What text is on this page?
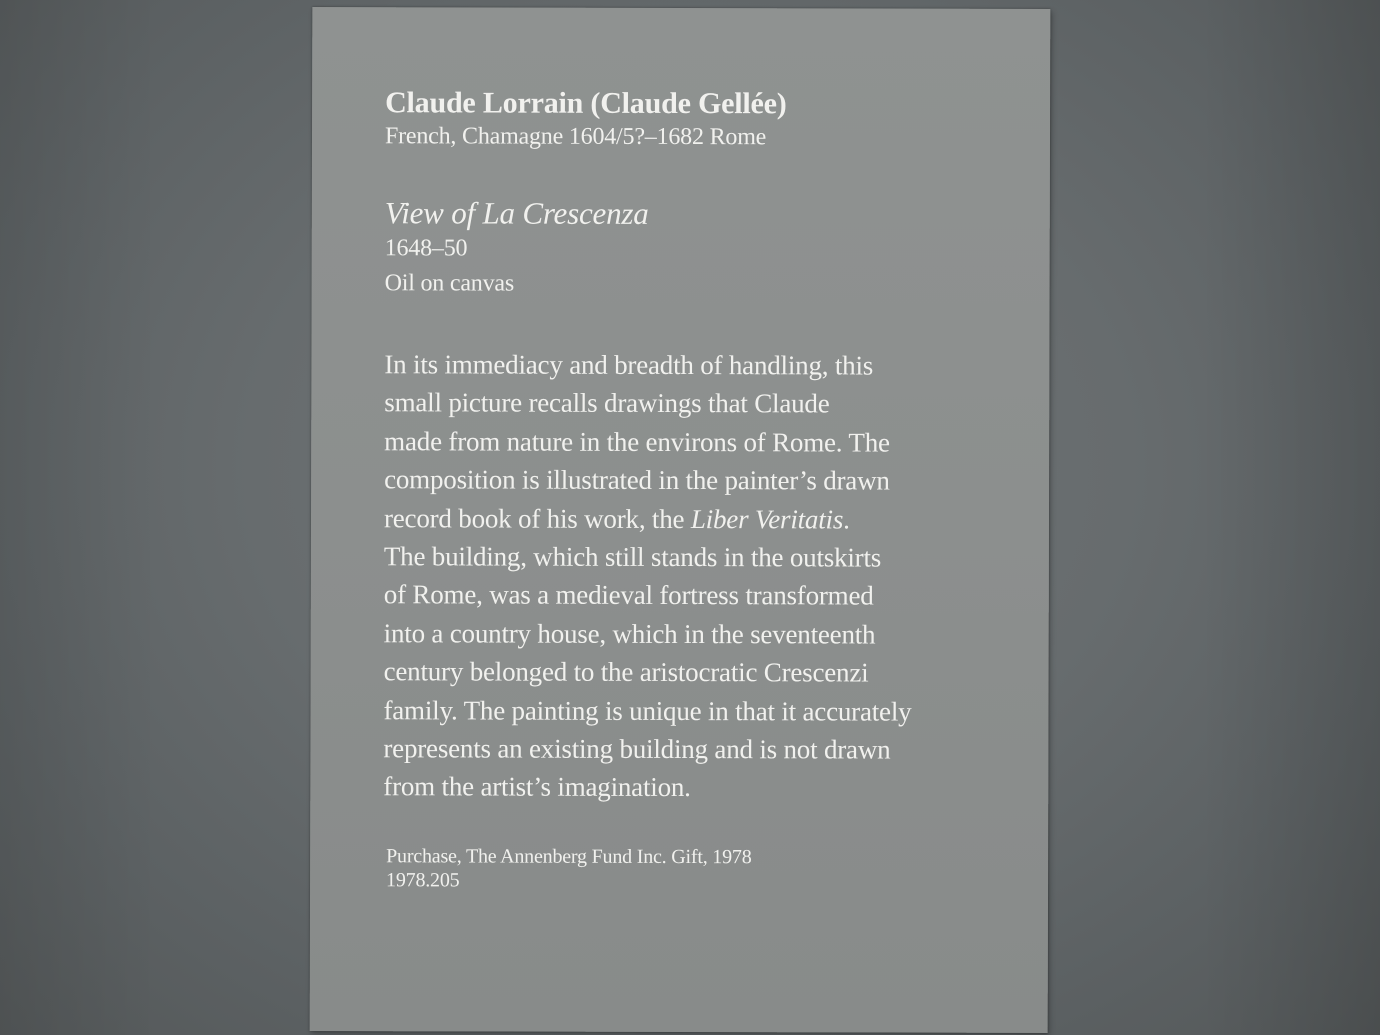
Claude Lorrain (Claude Gellée)

French, Chamagne 1604/5?–1682 Rome

View of La Crescenza

1648–50

Oil on canvas

In its immediacy and breadth of handling, this
small picture recalls drawings that Claude
made from nature in the environs of Rome. The
composition is illustrated in the painter’s drawn
record book of his work, the Liber Veritatis.
The building, which still stands in the outskirts
of Rome, was a medieval fortress transformed
into a country house, which in the seventeenth
century belonged to the aristocratic Crescenzi
family. The painting is unique in that it accurately
represents an existing building and is not drawn
from the artist’s imagination.
Purchase, The Annenberg Fund Inc. Gift, 1978
1978.205
